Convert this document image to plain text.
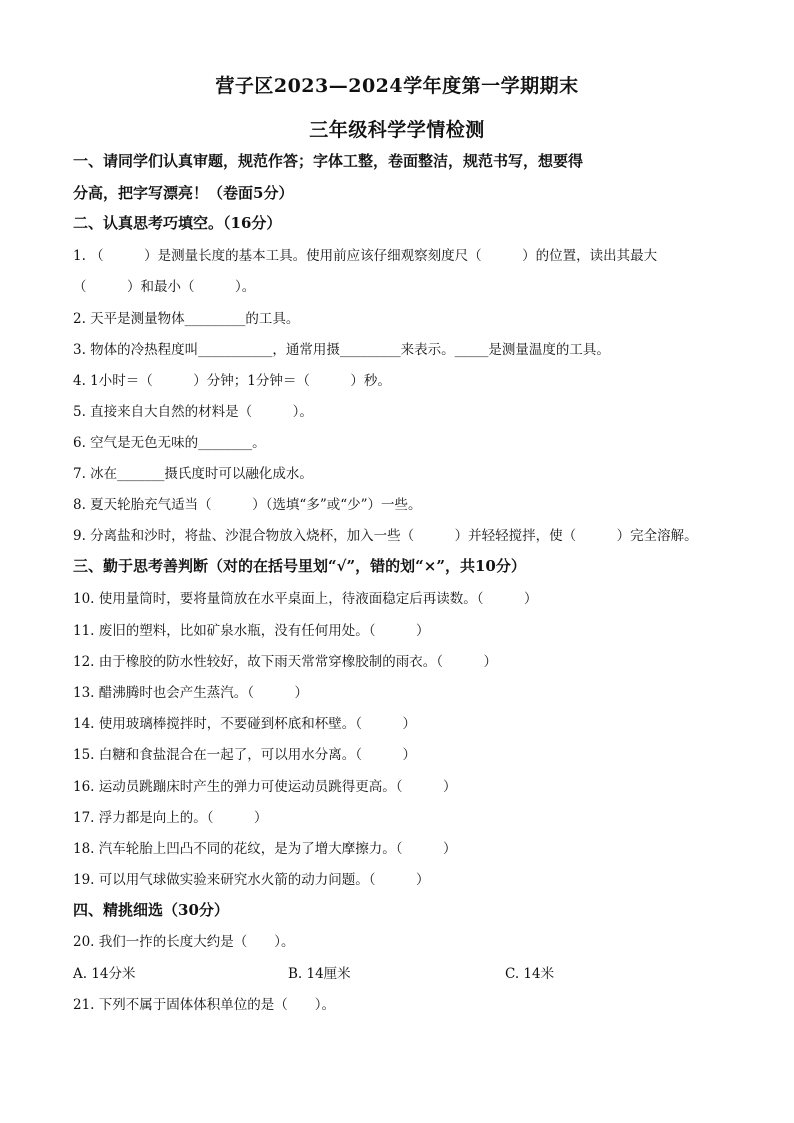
营子区2023—2024学年度第一学期期末
三年级科学学情检测
一、请同学们认真审题，规范作答；字体工整，卷面整洁，规范书写，想要得
分高，把字写漂亮！（卷面5分）
二、认真思考巧填空。（16分）
1. （　　　）是测量长度的基本工具。使用前应该仔细观察刻度尺（　　　）的位置，读出其最大
（　　　）和最小（　　　）。
2. 天平是测量物体_________的工具。
3. 物体的冷热程度叫___________，通常用摄_________来表示。_____是测量温度的工具。
4. 1小时＝（　　　）分钟；1分钟＝（　　　）秒。
5. 直接来自大自然的材料是（　　　）。
6. 空气是无色无味的________。
7. 冰在_______摄氏度时可以融化成水。
8. 夏天轮胎充气适当（　　　）（选填“多”或“少”）一些。
9. 分离盐和沙时，将盐、沙混合物放入烧杯，加入一些（　　　）并轻轻搅拌，使（　　　）完全溶解。
三、勤于思考善判断（对的在括号里划“√”，错的划“×”，共10分）
10. 使用量筒时，要将量筒放在水平桌面上，待液面稳定后再读数。（　　　）
11. 废旧的塑料，比如矿泉水瓶，没有任何用处。（　　　）
12. 由于橡胶的防水性较好，故下雨天常常穿橡胶制的雨衣。（　　　）
13. 醋沸腾时也会产生蒸汽。（　　　）
14. 使用玻璃棒搅拌时，不要碰到杯底和杯壁。（　　　）
15. 白糖和食盐混合在一起了，可以用水分离。（　　　）
16. 运动员跳蹦床时产生的弹力可使运动员跳得更高。（　　　）
17. 浮力都是向上的。（　　　）
18. 汽车轮胎上凹凸不同的花纹，是为了增大摩擦力。（　　　）
19. 可以用气球做实验来研究水火箭的动力问题。（　　　）
四、精挑细选（30分）
20. 我们一拃的长度大约是（　　）。
A. 14分米	B. 14厘米	C. 14米
21. 下列不属于固体体积单位的是（　　）。
